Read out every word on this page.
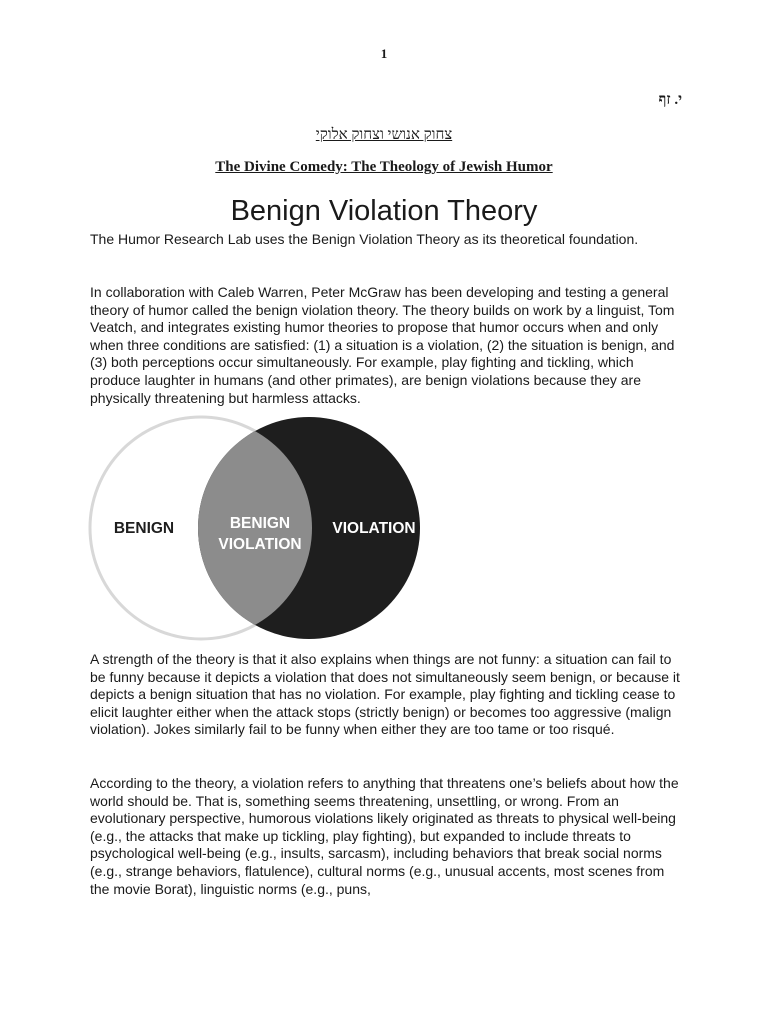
1
י. זף
צחוק אנושי וצחוק אלוקי
The Divine Comedy: The Theology of Jewish Humor
Benign Violation Theory

The Humor Research Lab uses the Benign Violation Theory as its theoretical foundation.

In collaboration with Caleb Warren, Peter McGraw has been developing and testing a general theory of humor called the benign violation theory. The theory builds on work by a linguist, Tom Veatch, and integrates existing humor theories to propose that humor occurs when and only when three conditions are satisfied: (1) a situation is a violation, (2) the situation is benign, and (3) both perceptions occur simultaneously. For example, play fighting and tickling, which produce laughter in humans (and other primates), are benign violations because they are physically threatening but harmless attacks.

BENIGN	BENIGN
VIOLATION
VIOLATION

A strength of the theory is that it also explains when things are not funny: a situation can fail to be funny because it depicts a violation that does not simultaneously seem benign, or because it depicts a benign situation that has no violation. For example, play fighting and tickling cease to elicit laughter either when the attack stops (strictly benign) or becomes too aggressive (malign violation). Jokes similarly fail to be funny when either they are too tame or too risqué.

According to the theory, a violation refers to anything that threatens one’s beliefs about how the world should be. That is, something seems threatening, unsettling, or wrong. From an evolutionary perspective, humorous violations likely originated as threats to physical well-being (e.g., the attacks that make up tickling, play fighting), but expanded to include threats to psychological well-being (e.g., insults, sarcasm), including behaviors that break social norms (e.g., strange behaviors, flatulence), cultural norms (e.g., unusual accents, most scenes from the movie Borat), linguistic norms (e.g., puns,
